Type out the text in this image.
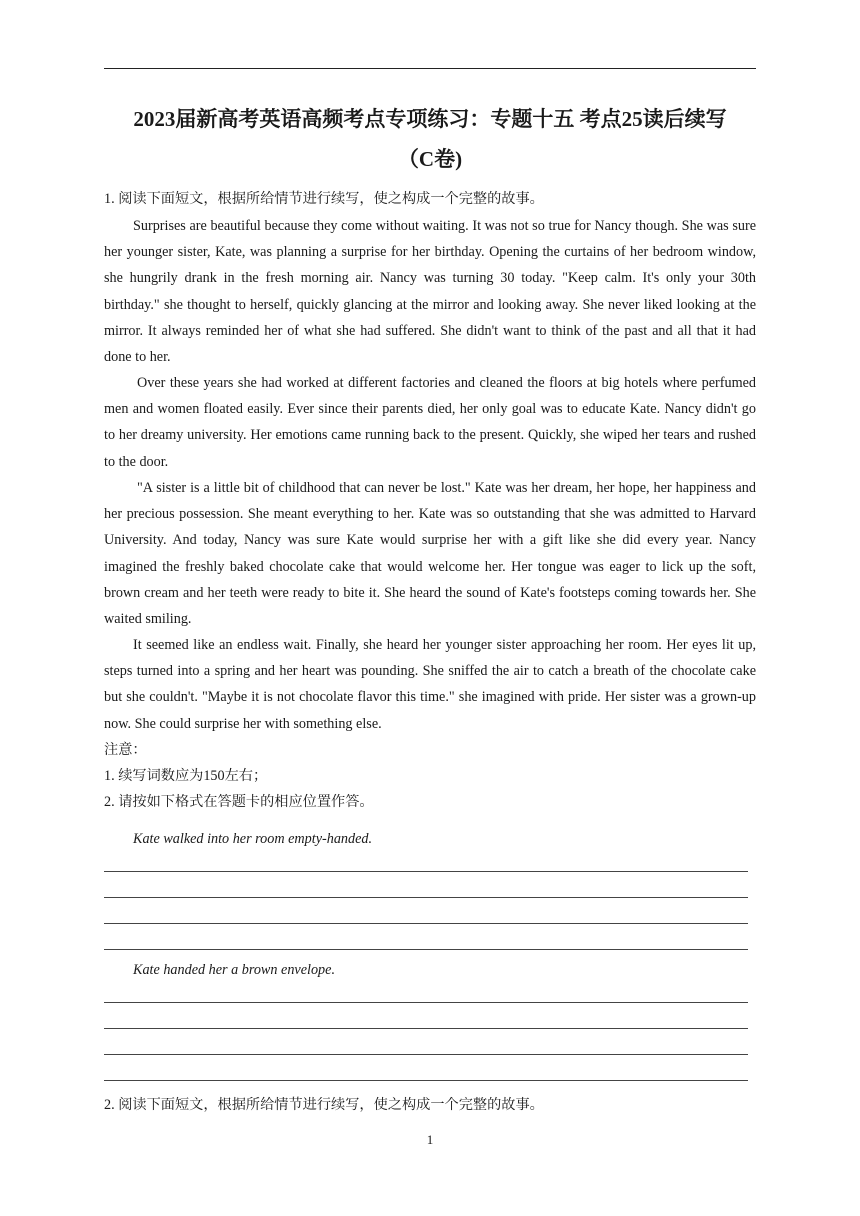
2023届新高考英语高频考点专项练习：专题十五 考点25读后续写
（C卷)

1. 阅读下面短文，根据所给情节进行续写，使之构成一个完整的故事。

Surprises are beautiful because they come without waiting. It was not so true for Nancy though. She was sure her younger sister, Kate, was planning a surprise for her birthday. Opening the curtains of her bedroom window, she hungrily drank in the fresh morning air. Nancy was turning 30 today. "Keep calm. It's only your 30th birthday." she thought to herself, quickly glancing at the mirror and looking away. She never liked looking at the mirror. It always reminded her of what she had suffered. She didn't want to think of the past and all that it had done to her.

Over these years she had worked at different factories and cleaned the floors at big hotels where perfumed men and women floated easily. Ever since their parents died, her only goal was to educate Kate. Nancy didn't go to her dreamy university. Her emotions came running back to the present. Quickly, she wiped her tears and rushed to the door.

"A sister is a little bit of childhood that can never be lost." Kate was her dream, her hope, her happiness and her precious possession. She meant everything to her. Kate was so outstanding that she was admitted to Harvard University. And today, Nancy was sure Kate would surprise her with a gift like she did every year. Nancy imagined the freshly baked chocolate cake that would welcome her. Her tongue was eager to lick up the soft, brown cream and her teeth were ready to bite it. She heard the sound of Kate's footsteps coming towards her. She waited smiling.

It seemed like an endless wait. Finally, she heard her younger sister approaching her room. Her eyes lit up, steps turned into a spring and her heart was pounding. She sniffed the air to catch a breath of the chocolate cake but she couldn't. "Maybe it is not chocolate flavor this time." she imagined with pride. Her sister was a grown-up now. She could surprise her with something else.

注意：

1. 续写词数应为150左右；

2. 请按如下格式在答题卡的相应位置作答。

Kate walked into her room empty-handed.

Kate handed her a brown envelope.

2. 阅读下面短文，根据所给情节进行续写，使之构成一个完整的故事。

1
